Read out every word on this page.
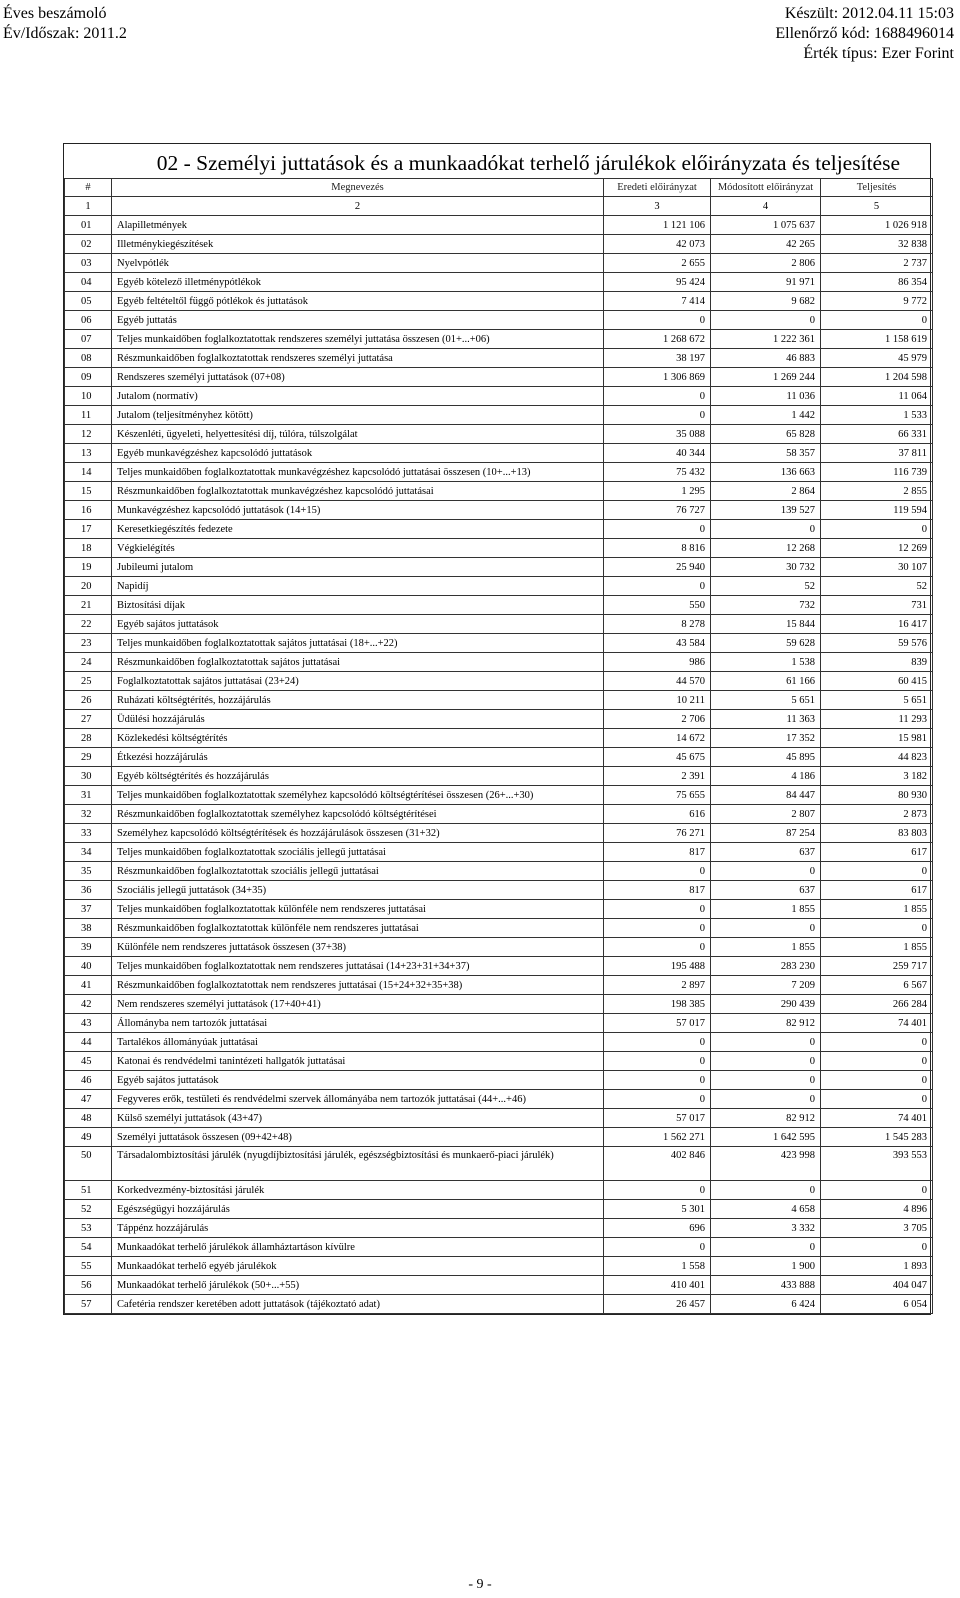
Éves beszámoló
Év/Időszak: 2011.2
Készült: 2012.04.11 15:03
Ellenőrző kód: 1688496014
Érték típus: Ezer Forint
02 - Személyi juttatások és a munkaadókat terhelő járulékok előirányzata és teljesítése
#	Megnevezés	Eredeti előirányzat	Módosított előirányzat	Teljesítés
1	2	3	4	5
01	Alapilletmények	1 121 106	1 075 637	1 026 918
02	Illetménykiegészítések	42 073	42 265	32 838
03	Nyelvpótlék	2 655	2 806	2 737
04	Egyéb kötelező illetménypótlékok	95 424	91 971	86 354
05	Egyéb feltételtől függő pótlékok és juttatások	7 414	9 682	9 772
06	Egyéb juttatás	0	0	0
07	Teljes munkaidőben foglalkoztatottak rendszeres személyi juttatása összesen (01+...+06)	1 268 672	1 222 361	1 158 619
08	Részmunkaidőben foglalkoztatottak rendszeres személyi juttatása	38 197	46 883	45 979
09	Rendszeres személyi juttatások (07+08)	1 306 869	1 269 244	1 204 598
10	Jutalom (normatív)	0	11 036	11 064
11	Jutalom (teljesítményhez kötött)	0	1 442	1 533
12	Készenléti, ügyeleti, helyettesítési díj, túlóra, túlszolgálat	35 088	65 828	66 331
13	Egyéb munkavégzéshez kapcsolódó juttatások	40 344	58 357	37 811
14	Teljes munkaidőben foglalkoztatottak munkavégzéshez kapcsolódó juttatásai összesen (10+...+13)	75 432	136 663	116 739
15	Részmunkaidőben foglalkoztatottak munkavégzéshez kapcsolódó juttatásai	1 295	2 864	2 855
16	Munkavégzéshez kapcsolódó juttatások (14+15)	76 727	139 527	119 594
17	Keresetkiegészítés fedezete	0	0	0
18	Végkielégítés	8 816	12 268	12 269
19	Jubileumi jutalom	25 940	30 732	30 107
20	Napidíj	0	52	52
21	Biztosítási díjak	550	732	731
22	Egyéb sajátos juttatások	8 278	15 844	16 417
23	Teljes munkaidőben foglalkoztatottak sajátos juttatásai (18+...+22)	43 584	59 628	59 576
24	Részmunkaidőben foglalkoztatottak sajátos juttatásai	986	1 538	839
25	Foglalkoztatottak sajátos juttatásai (23+24)	44 570	61 166	60 415
26	Ruházati költségtérítés, hozzájárulás	10 211	5 651	5 651
27	Üdülési hozzájárulás	2 706	11 363	11 293
28	Közlekedési költségtérítés	14 672	17 352	15 981
29	Étkezési hozzájárulás	45 675	45 895	44 823
30	Egyéb költségtérítés és hozzájárulás	2 391	4 186	3 182
31	Teljes munkaidőben foglalkoztatottak személyhez kapcsolódó költségtérítései összesen (26+...+30)	75 655	84 447	80 930
32	Részmunkaidőben foglalkoztatottak személyhez kapcsolódó költségtérítései	616	2 807	2 873
33	Személyhez kapcsolódó költségtérítések és hozzájárulások összesen (31+32)	76 271	87 254	83 803
34	Teljes munkaidőben foglalkoztatottak szociális jellegű juttatásai	817	637	617
35	Részmunkaidőben foglalkoztatottak szociális jellegű juttatásai	0	0	0
36	Szociális jellegű juttatások (34+35)	817	637	617
37	Teljes munkaidőben foglalkoztatottak különféle nem rendszeres juttatásai	0	1 855	1 855
38	Részmunkaidőben foglalkoztatottak különféle nem rendszeres juttatásai	0	0	0
39	Különféle nem rendszeres juttatások összesen (37+38)	0	1 855	1 855
40	Teljes munkaidőben foglalkoztatottak nem rendszeres juttatásai (14+23+31+34+37)	195 488	283 230	259 717
41	Részmunkaidőben foglalkoztatottak nem rendszeres juttatásai (15+24+32+35+38)	2 897	7 209	6 567
42	Nem rendszeres személyi juttatások (17+40+41)	198 385	290 439	266 284
43	Állományba nem tartozók juttatásai	57 017	82 912	74 401
44	Tartalékos állományúak juttatásai	0	0	0
45	Katonai és rendvédelmi tanintézeti hallgatók juttatásai	0	0	0
46	Egyéb sajátos juttatások	0	0	0
47	Fegyveres erők, testületi és rendvédelmi szervek állományába nem tartozók juttatásai (44+...+46)	0	0	0
48	Külső személyi juttatások (43+47)	57 017	82 912	74 401
49	Személyi juttatások összesen (09+42+48)	1 562 271	1 642 595	1 545 283
50	Társadalombiztosítási járulék (nyugdíjbiztosítási járulék, egészségbiztosítási és munkaerő-piaci járulék)	402 846	423 998	393 553
51	Korkedvezmény-biztosítási járulék	0	0	0
52	Egészségügyi hozzájárulás	5 301	4 658	4 896
53	Táppénz hozzájárulás	696	3 332	3 705
54	Munkaadókat terhelő járulékok államháztartáson kívülre	0	0	0
55	Munkaadókat terhelő egyéb járulékok	1 558	1 900	1 893
56	Munkaadókat terhelő járulékok (50+...+55)	410 401	433 888	404 047
57	Cafetéria rendszer keretében adott juttatások (tájékoztató adat)	26 457	6 424	6 054
- 9 -
